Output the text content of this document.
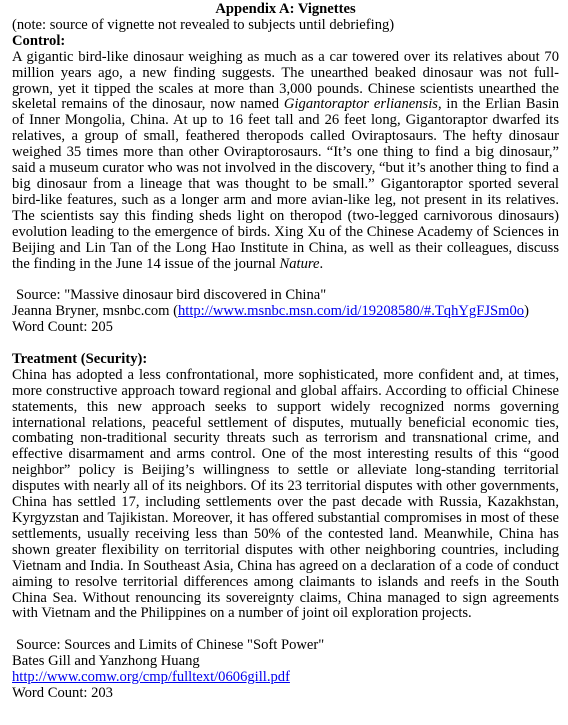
Appendix A: Vignettes

(note: source of vignette not revealed to subjects until debriefing)

Control:

A gigantic bird-like dinosaur weighing as much as a car towered over its relatives about 70 million years ago, a new finding suggests. The unearthed beaked dinosaur was not full-grown, yet it tipped the scales at more than 3,000 pounds. Chinese scientists unearthed the skeletal remains of the dinosaur, now named Gigantoraptor erlianensis, in the Erlian Basin of Inner Mongolia, China. At up to 16 feet tall and 26 feet long, Gigantoraptor dwarfed its relatives, a group of small, feathered theropods called Oviraptosaurs. The hefty dinosaur weighed 35 times more than other Oviraptorosaurs. “It’s one thing to find a big dinosaur,” said a museum curator who was not involved in the discovery, “but it’s another thing to find a big dinosaur from a lineage that was thought to be small.” Gigantoraptor sported several bird-like features, such as a longer arm and more avian-like leg, not present in its relatives. The scientists say this finding sheds light on theropod (two-legged carnivorous dinosaurs) evolution leading to the emergence of birds. Xing Xu of the Chinese Academy of Sciences in Beijing and Lin Tan of the Long Hao Institute in China, as well as their colleagues, discuss the finding in the June 14 issue of the journal Nature.

Source: "Massive dinosaur bird discovered in China"

Jeanna Bryner, msnbc.com (http://www.msnbc.msn.com/id/19208580/#.TqhYgFJSm0o)

Word Count: 205

Treatment (Security):

China has adopted a less confrontational, more sophisticated, more confident and, at times, more constructive approach toward regional and global affairs. According to official Chinese statements, this new approach seeks to support widely recognized norms governing international relations, peaceful settlement of disputes, mutually beneficial economic ties, combating non-traditional security threats such as terrorism and transnational crime, and effective disarmament and arms control. One of the most interesting results of this “good neighbor” policy is Beijing’s willingness to settle or alleviate long-standing territorial disputes with nearly all of its neighbors. Of its 23 territorial disputes with other governments, China has settled 17, including settlements over the past decade with Russia, Kazakhstan, Kyrgyzstan and Tajikistan. Moreover, it has offered substantial compromises in most of these settlements, usually receiving less than 50% of the contested land. Meanwhile, China has shown greater flexibility on territorial disputes with other neighboring countries, including Vietnam and India. In Southeast Asia, China has agreed on a declaration of a code of conduct aiming to resolve territorial differences among claimants to islands and reefs in the South China Sea. Without renouncing its sovereignty claims, China managed to sign agreements with Vietnam and the Philippines on a number of joint oil exploration projects.

Source: Sources and Limits of Chinese "Soft Power"

Bates Gill and Yanzhong Huang

http://www.comw.org/cmp/fulltext/0606gill.pdf

Word Count: 203
